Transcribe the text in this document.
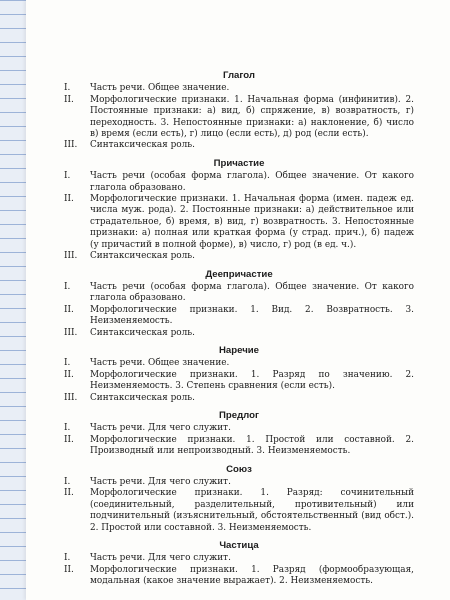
Глагол
I.	Часть речи. Общее значение.
II.	Морфологические признаки. 1. Начальная форма (инфинитив). 2. Постоянные признаки: а) вид, б) спряжение, в) возвратность, г) переходность. 3. Непостоянные признаки: а) наклонение, б) число в) время (если есть), г) лицо (если есть), д) род (если есть).
III.	Синтаксическая роль.
Причастие
I.	Часть речи (особая форма глагола). Общее значение. От какого глагола образовано.
II.	Морфологические признаки. 1. Начальная форма (имен. падеж ед. числа муж. рода). 2. Постоянные признаки: а) действительное или страдательное, б) время, в) вид, г) возвратность. 3. Непостоянные признаки: а) полная или краткая форма (у страд. прич.), б) падеж (у причастий в полной форме), в) число, г) род (в ед. ч.).
III.	Синтаксическая роль.
Деепричастие
I.	Часть речи (особая форма глагола). Общее значение. От какого глагола образовано.
II.	Морфологические признаки. 1. Вид. 2. Возвратность. 3. Неизменяемость.
III.	Синтаксическая роль.
Наречие
I.	Часть речи. Общее значение.
II.	Морфологические признаки. 1. Разряд по значению. 2. Неизменяемость. 3. Степень сравнения (если есть).
III.	Синтаксическая роль.
Предлог
I.	Часть речи. Для чего служит.
II.	Морфологические признаки. 1. Простой или составной. 2. Производный или непроизводный. 3. Неизменяемость.
Союз
I.	Часть речи. Для чего служит.
II.	Морфологические признаки. 1. Разряд: сочинительный (соединительный, разделительный, противительный) или подчинительный (изъяснительный, обстоятельственный (вид обст.). 2. Простой или составной. 3. Неизменяемость.
Частица
I.	Часть речи. Для чего служит.
II.	Морфологические признаки. 1. Разряд (формообразующая, модальная (какое значение выражает). 2. Неизменяемость.
